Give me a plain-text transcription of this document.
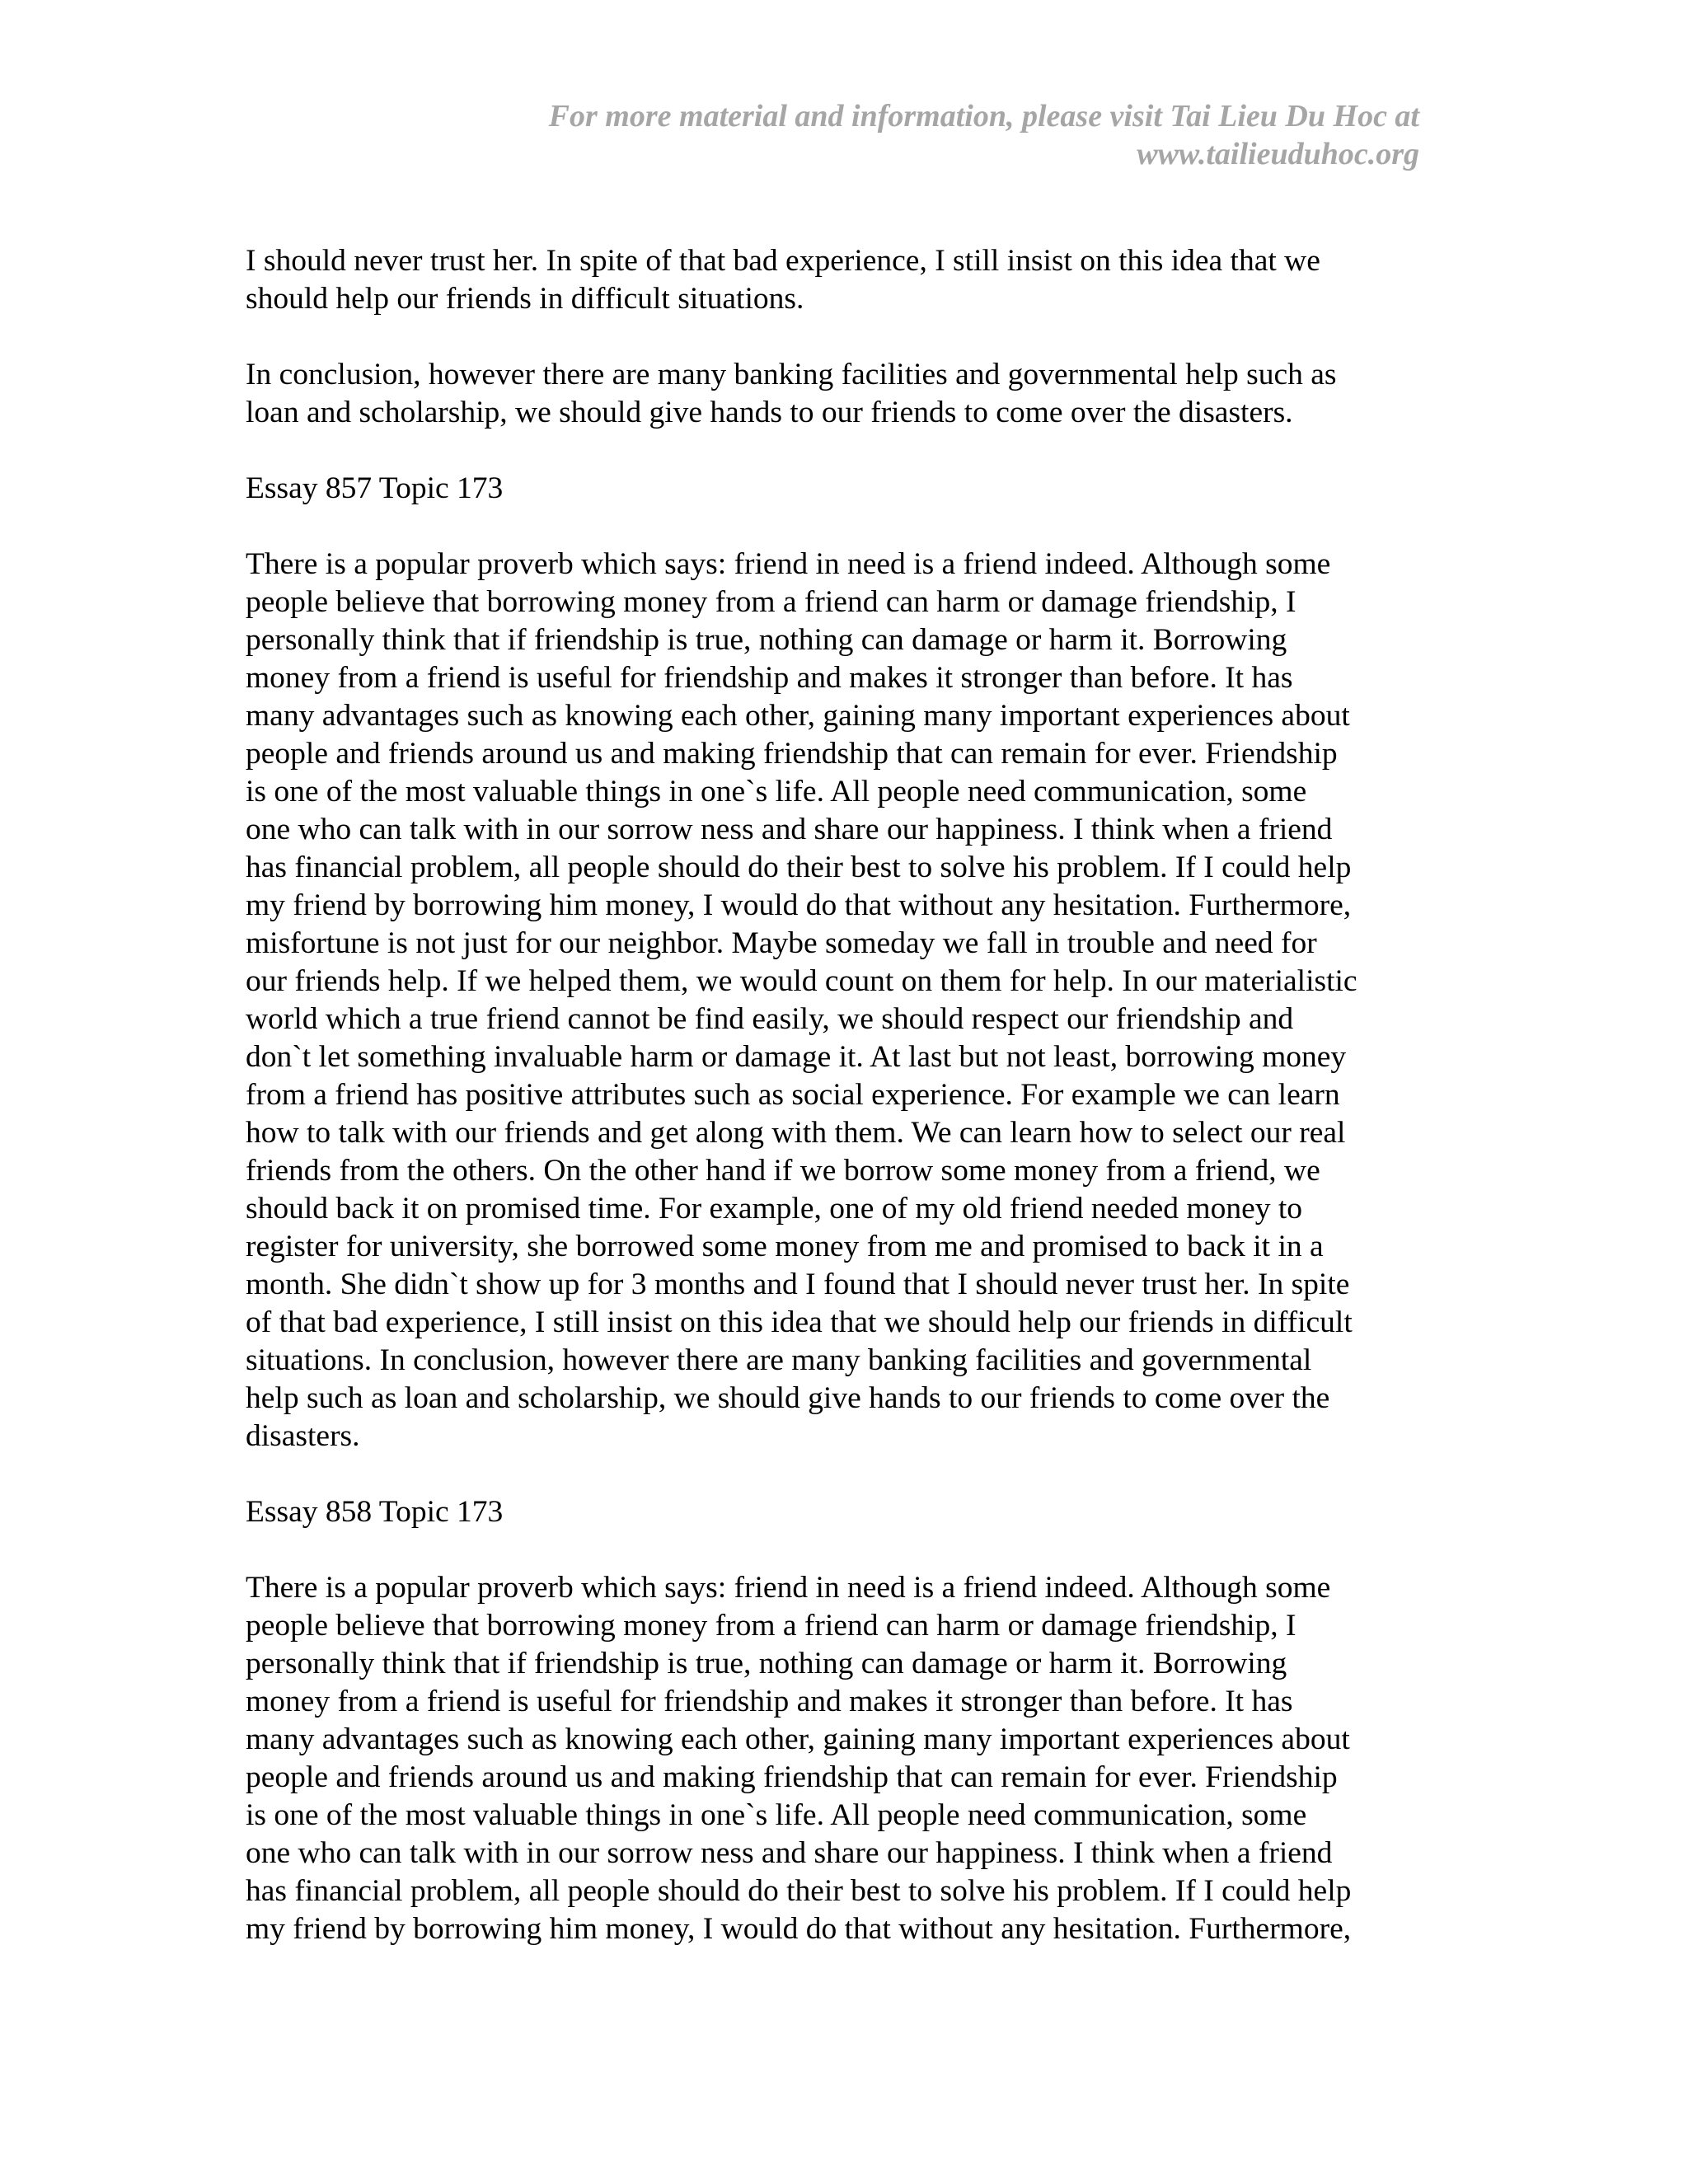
For more material and information, please visit Tai Lieu Du Hoc at
www.tailieuduhoc.org
I should never trust her. In spite of that bad experience, I still insist on this idea that we
should help our friends in difficult situations.
In conclusion, however there are many banking facilities and governmental help such as
loan and scholarship, we should give hands to our friends to come over the disasters.
Essay 857 Topic 173
There is a popular proverb which says: friend in need is a friend indeed. Although some
people believe that borrowing money from a friend can harm or damage friendship, I
personally think that if friendship is true, nothing can damage or harm it. Borrowing
money from a friend is useful for friendship and makes it stronger than before. It has
many advantages such as knowing each other, gaining many important experiences about
people and friends around us and making friendship that can remain for ever. Friendship
is one of the most valuable things in one`s life. All people need communication, some
one who can talk with in our sorrow ness and share our happiness. I think when a friend
has financial problem, all people should do their best to solve his problem. If I could help
my friend by borrowing him money, I would do that without any hesitation. Furthermore,
misfortune is not just for our neighbor. Maybe someday we fall in trouble and need for
our friends help. If we helped them, we would count on them for help. In our materialistic
world which a true friend cannot be find easily, we should respect our friendship and
don`t let something invaluable harm or damage it. At last but not least, borrowing money
from a friend has positive attributes such as social experience. For example we can learn
how to talk with our friends and get along with them. We can learn how to select our real
friends from the others. On the other hand if we borrow some money from a friend, we
should back it on promised time. For example, one of my old friend needed money to
register for university, she borrowed some money from me and promised to back it in a
month. She didn`t show up for 3 months and I found that I should never trust her. In spite
of that bad experience, I still insist on this idea that we should help our friends in difficult
situations. In conclusion, however there are many banking facilities and governmental
help such as loan and scholarship, we should give hands to our friends to come over the
disasters.
Essay 858 Topic 173
There is a popular proverb which says: friend in need is a friend indeed. Although some
people believe that borrowing money from a friend can harm or damage friendship, I
personally think that if friendship is true, nothing can damage or harm it. Borrowing
money from a friend is useful for friendship and makes it stronger than before. It has
many advantages such as knowing each other, gaining many important experiences about
people and friends around us and making friendship that can remain for ever. Friendship
is one of the most valuable things in one`s life. All people need communication, some
one who can talk with in our sorrow ness and share our happiness. I think when a friend
has financial problem, all people should do their best to solve his problem. If I could help
my friend by borrowing him money, I would do that without any hesitation. Furthermore,
